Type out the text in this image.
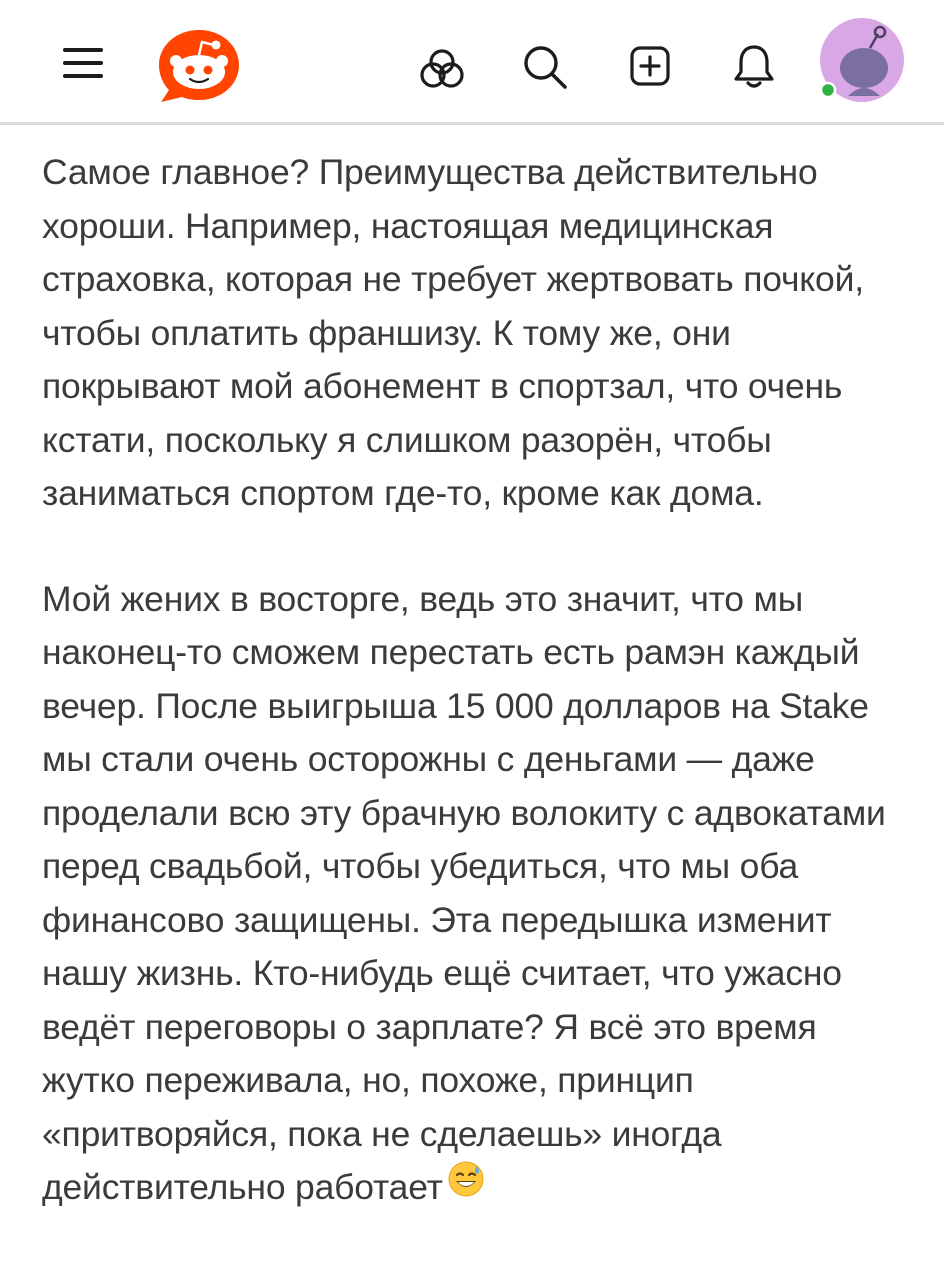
Самое главное? Преимущества действительно хороши. Например, настоящая медицинская страховка, которая не требует жертвовать почкой, чтобы оплатить франшизу. К тому же, они покрывают мой абонемент в спортзал, что очень кстати, поскольку я слишком разорён, чтобы заниматься спортом где-то, кроме как дома.

Мой жених в восторге, ведь это значит, что мы наконец-то сможем перестать есть рамэн каждый вечер. После выигрыша 15 000 долларов на Stake мы стали очень осторожны с деньгами — даже проделали всю эту брачную волокиту с адвокатами перед свадьбой, чтобы убедиться, что мы оба финансово защищены. Эта передышка изменит нашу жизнь. Кто-нибудь ещё считает, что ужасно ведёт переговоры о зарплате? Я всё это время жутко переживала, но, похоже, принцип «притворяйся, пока не сделаешь» иногда действительно работает
